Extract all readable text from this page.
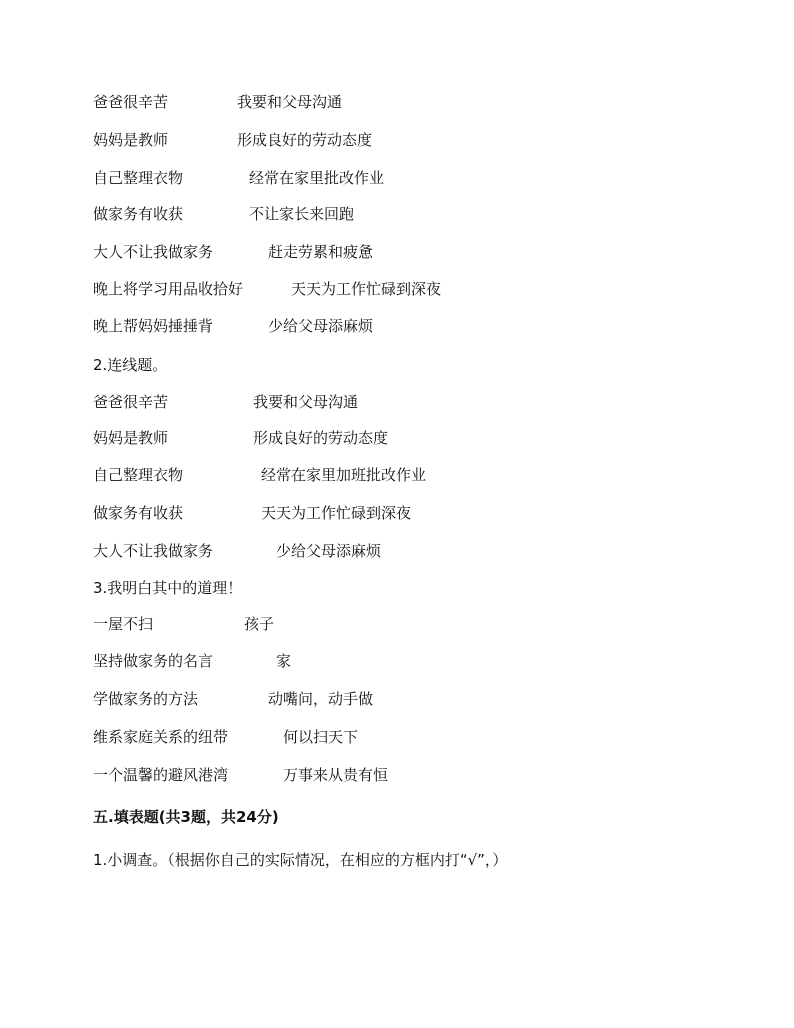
爸爸很辛苦	我要和父母沟通
妈妈是教师	形成良好的劳动态度
自己整理衣物	经常在家里批改作业
做家务有收获	不让家长来回跑
大人不让我做家务	赶走劳累和疲惫
晚上将学习用品收拾好	天天为工作忙碌到深夜
晚上帮妈妈捶捶背	少给父母添麻烦
2.连线题。
爸爸很辛苦	我要和父母沟通
妈妈是教师	形成良好的劳动态度
自己整理衣物	经常在家里加班批改作业
做家务有收获	天天为工作忙碌到深夜
大人不让我做家务	少给父母添麻烦
3.我明白其中的道理！
一屋不扫	孩子
坚持做家务的名言	家
学做家务的方法	动嘴问，动手做
维系家庭关系的纽带	何以扫天下
一个温馨的避风港湾	万事来从贵有恒
五.填表题(共3题，共24分)
1.小调查。（根据你自己的实际情况，在相应的方框内打“√”，）
